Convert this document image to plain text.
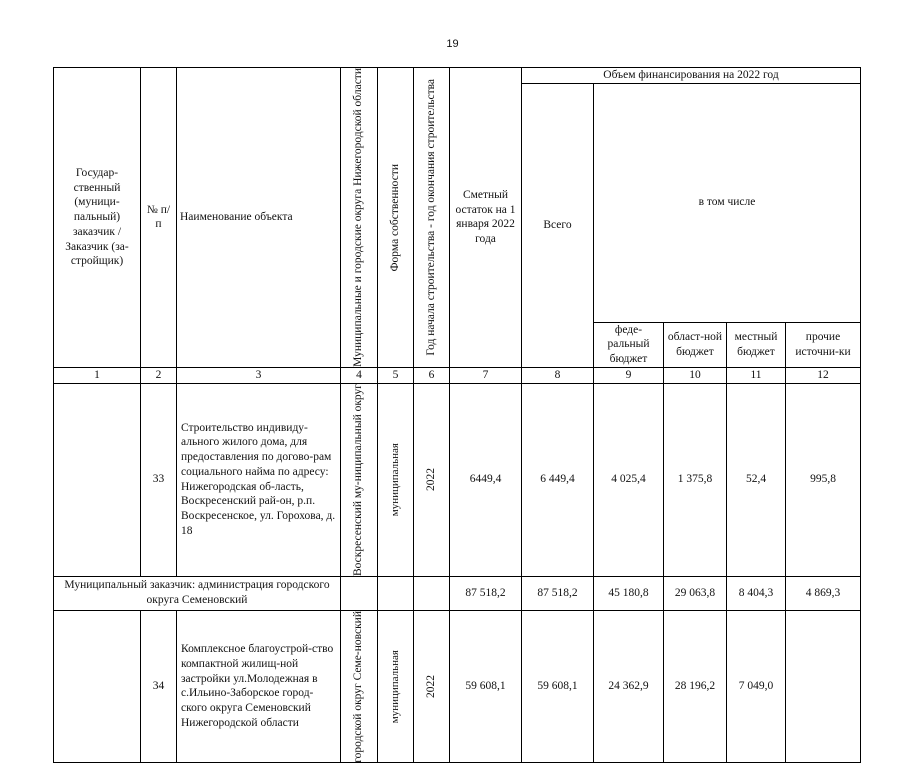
19
Государ-ственный (муници-пальный) заказчик / Заказчик (за-стройщик)	№ п/п	Наименование объекта	Муниципальные и городские округа Нижегородской области	Форма собственности	Год начала строительства - год окончания строительства	Сметный остаток на 1 января 2022 года	Объем финансирования на 2022 год				
							Всего	в том числе			
								феде-ральный бюджет	област-ной бюджет	местный бюджет	прочие источни-ки
1	2	3	4	5	6	7	8	9	10	11	12
	33	Строительство индивиду-ального жилого дома, для предоставления по догово-рам социального найма по адресу: Нижегородская об-ласть, Воскресенский рай-он, р.п. Воскресенское, ул. Горохова, д. 18	Воскресенский му-ниципальный округ	муниципальная	2022	6449,4	6 449,4	4 025,4	1 375,8	52,4	995,8
Муниципальный заказчик: администрация городского округа Семеновский						87 518,2	87 518,2	45 180,8	29 063,8	8 404,3	4 869,3
	34	Комплексное благоустрой-ство компактной жилищ-ной застройки ул.Молодежная в с.Ильино-Заборское город-ского округа Семеновский Нижегородской области	городской округ Семе-новский	муниципальная	2022	59 608,1	59 608,1	24 362,9	28 196,2	7 049,0	
